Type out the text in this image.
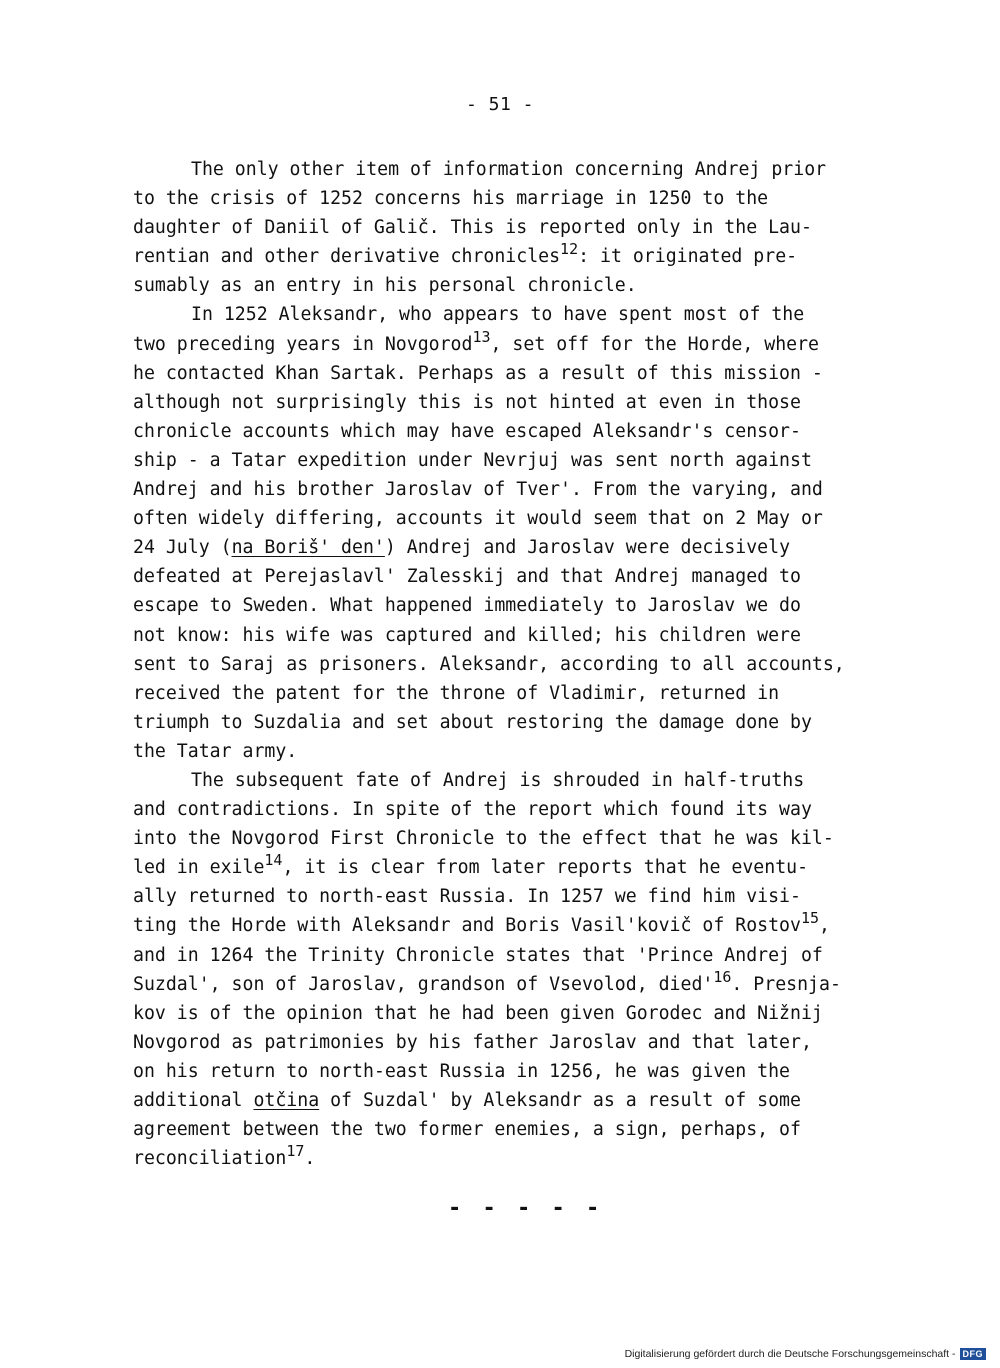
- 51 -
The only other item of information concerning Andrej prior
to the crisis of 1252 concerns his marriage in 1250 to the
daughter of Daniil of Galič. This is reported only in the Lau-
rentian and other derivative chronicles$^{12}$: it originated pre-
sumably as an entry in his personal chronicle.
In 1252 Aleksandr, who appears to have spent most of the
two preceding years in Novgorod$^{13}$, set off for the Horde, where
he contacted Khan Sartak. Perhaps as a result of this mission -
although not surprisingly this is not hinted at even in those
chronicle accounts which may have escaped Aleksandr's censor-
ship - a Tatar expedition under Nevrjuj was sent north against
Andrej and his brother Jaroslav of Tver'. From the varying, and
often widely differing, accounts it would seem that on 2 May or
24 July (na Boriš' den') Andrej and Jaroslav were decisively
defeated at Perejaslavl' Zalesskij and that Andrej managed to
escape to Sweden. What happened immediately to Jaroslav we do
not know: his wife was captured and killed; his children were
sent to Saraj as prisoners. Aleksandr, according to all accounts,
received the patent for the throne of Vladimir, returned in
triumph to Suzdalia and set about restoring the damage done by
the Tatar army.
The subsequent fate of Andrej is shrouded in half-truths
and contradictions. In spite of the report which found its way
into the Novgorod First Chronicle to the effect that he was kil-
led in exile$^{14}$, it is clear from later reports that he eventu-
ally returned to north-east Russia. In 1257 we find him visi-
ting the Horde with Aleksandr and Boris Vasil'kovič of Rostov$^{15}$,
and in 1264 the Trinity Chronicle states that 'Prince Andrej of
Suzdal', son of Jaroslav, grandson of Vsevolod, died'$^{16}$. Presnja-
kov is of the opinion that he had been given Gorodec and Nižnij
Novgorod as patrimonies by his father Jaroslav and that later,
on his return to north-east Russia in 1256, he was given the
additional otčina of Suzdal' by Aleksandr as a result of some
agreement between the two former enemies, a sign, perhaps, of
reconciliation$^{17}$.
- - - - -
Digitalisierung gefördert durch die Deutsche Forschungsgemeinschaft - DFG
